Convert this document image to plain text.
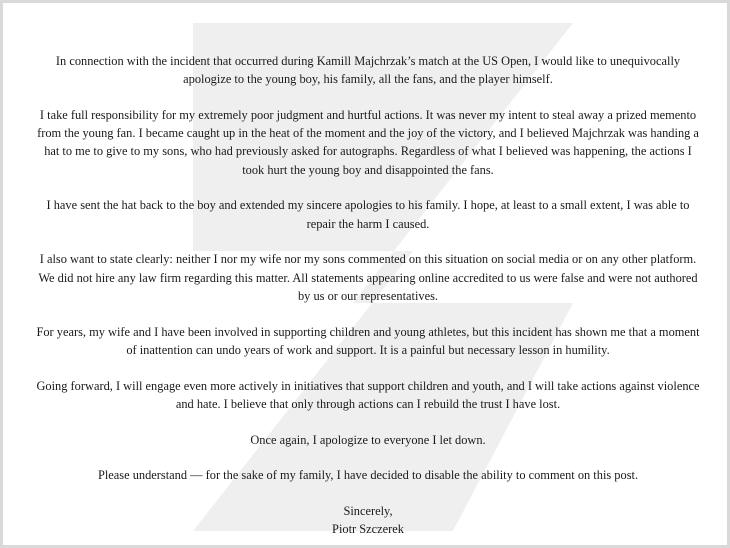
In connection with the incident that occurred during Kamill Majchrzak’s match at the US Open, I would like to unequivocally apologize to the young boy, his family, all the fans, and the player himself.

I take full responsibility for my extremely poor judgment and hurtful actions. It was never my intent to steal away a prized memento from the young fan. I became caught up in the heat of the moment and the joy of the victory, and I believed Majchrzak was handing a hat to me to give to my sons, who had previously asked for autographs. Regardless of what I believed was happening, the actions I took hurt the young boy and disappointed the fans.

I have sent the hat back to the boy and extended my sincere apologies to his family. I hope, at least to a small extent, I was able to repair the harm I caused.

I also want to state clearly: neither I nor my wife nor my sons commented on this situation on social media or on any other platform. We did not hire any law firm regarding this matter. All statements appearing online accredited to us were false and were not authored by us or our representatives.

For years, my wife and I have been involved in supporting children and young athletes, but this incident has shown me that a moment of inattention can undo years of work and support. It is a painful but necessary lesson in humility.

Going forward, I will engage even more actively in initiatives that support children and youth, and I will take actions against violence and hate. I believe that only through actions can I rebuild the trust I have lost.

Once again, I apologize to everyone I let down.

Please understand — for the sake of my family, I have decided to disable the ability to comment on this post.

Sincerely,
Piotr Szczerek
